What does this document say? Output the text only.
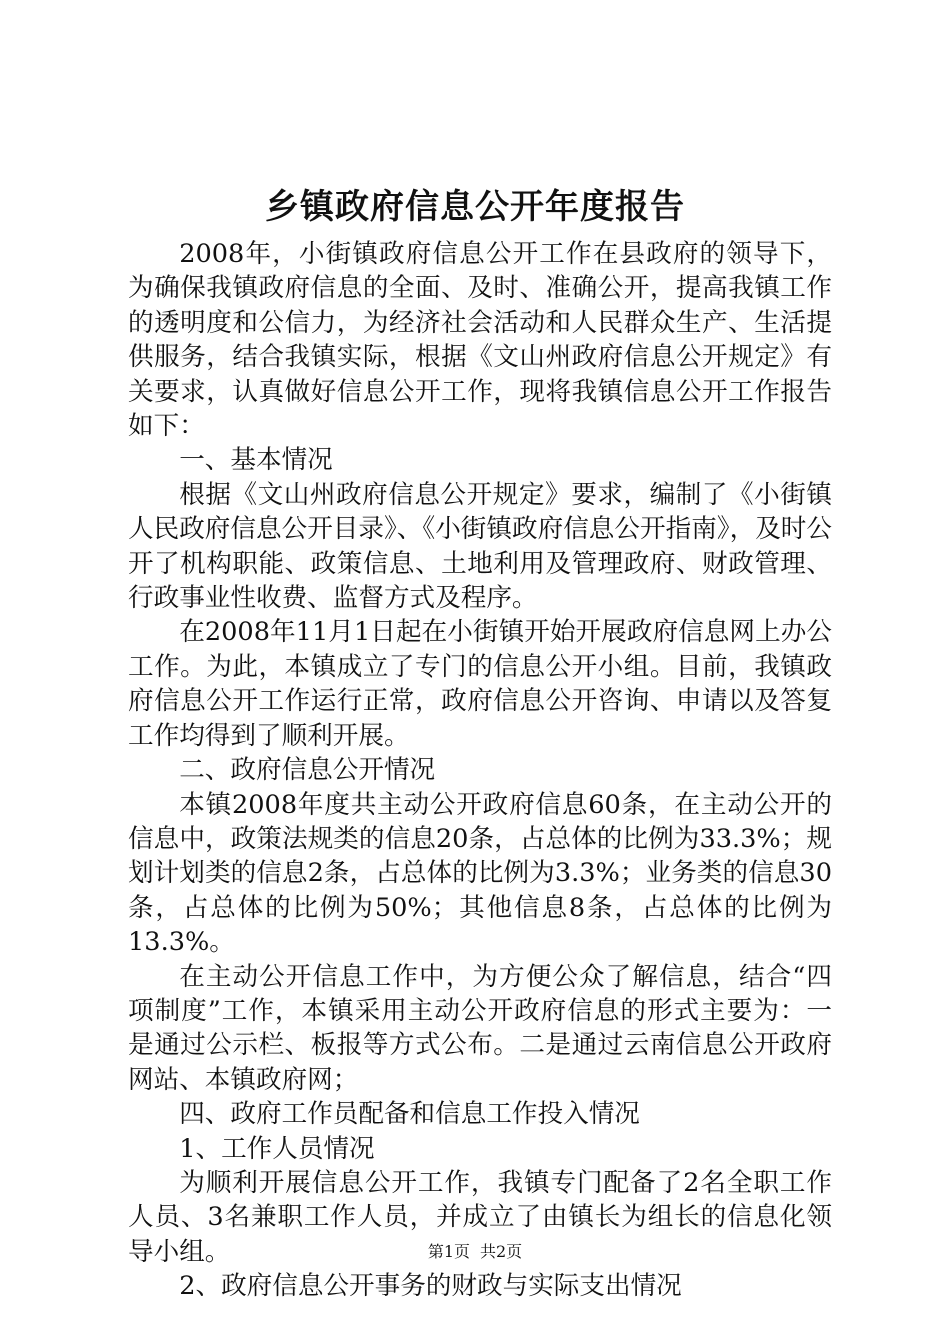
乡镇政府信息公开年度报告

2008年，小街镇政府信息公开工作在县政府的领导下，为确保我镇政府信息的全面、及时、准确公开，提高我镇工作的透明度和公信力，为经济社会活动和人民群众生产、生活提供服务，结合我镇实际，根据《文山州政府信息公开规定》有关要求，认真做好信息公开工作，现将我镇信息公开工作报告如下：

一、基本情况

根据《文山州政府信息公开规定》要求，编制了《小街镇人民政府信息公开目录》、《小街镇政府信息公开指南》，及时公开了机构职能、政策信息、土地利用及管理政府、财政管理、行政事业性收费、监督方式及程序。

在2008年11月1日起在小街镇开始开展政府信息网上办公工作。为此，本镇成立了专门的信息公开小组。目前，我镇政府信息公开工作运行正常，政府信息公开咨询、申请以及答复工作均得到了顺利开展。

二、政府信息公开情况

本镇2008年度共主动公开政府信息60条，在主动公开的信息中，政策法规类的信息20条，占总体的比例为33.3%；规划计划类的信息2条，占总体的比例为3.3%；业务类的信息30条，占总体的比例为50%；其他信息8条，占总体的比例为13.3%。

在主动公开信息工作中，为方便公众了解信息，结合“四项制度”工作，本镇采用主动公开政府信息的形式主要为：一是通过公示栏、板报等方式公布。二是通过云南信息公开政府网站、本镇政府网；

四、政府工作员配备和信息工作投入情况

1、工作人员情况

为顺利开展信息公开工作，我镇专门配备了2名全职工作人员、3名兼职工作人员，并成立了由镇长为组长的信息化领导小组。

2、政府信息公开事务的财政与实际支出情况

第1页 共2页
